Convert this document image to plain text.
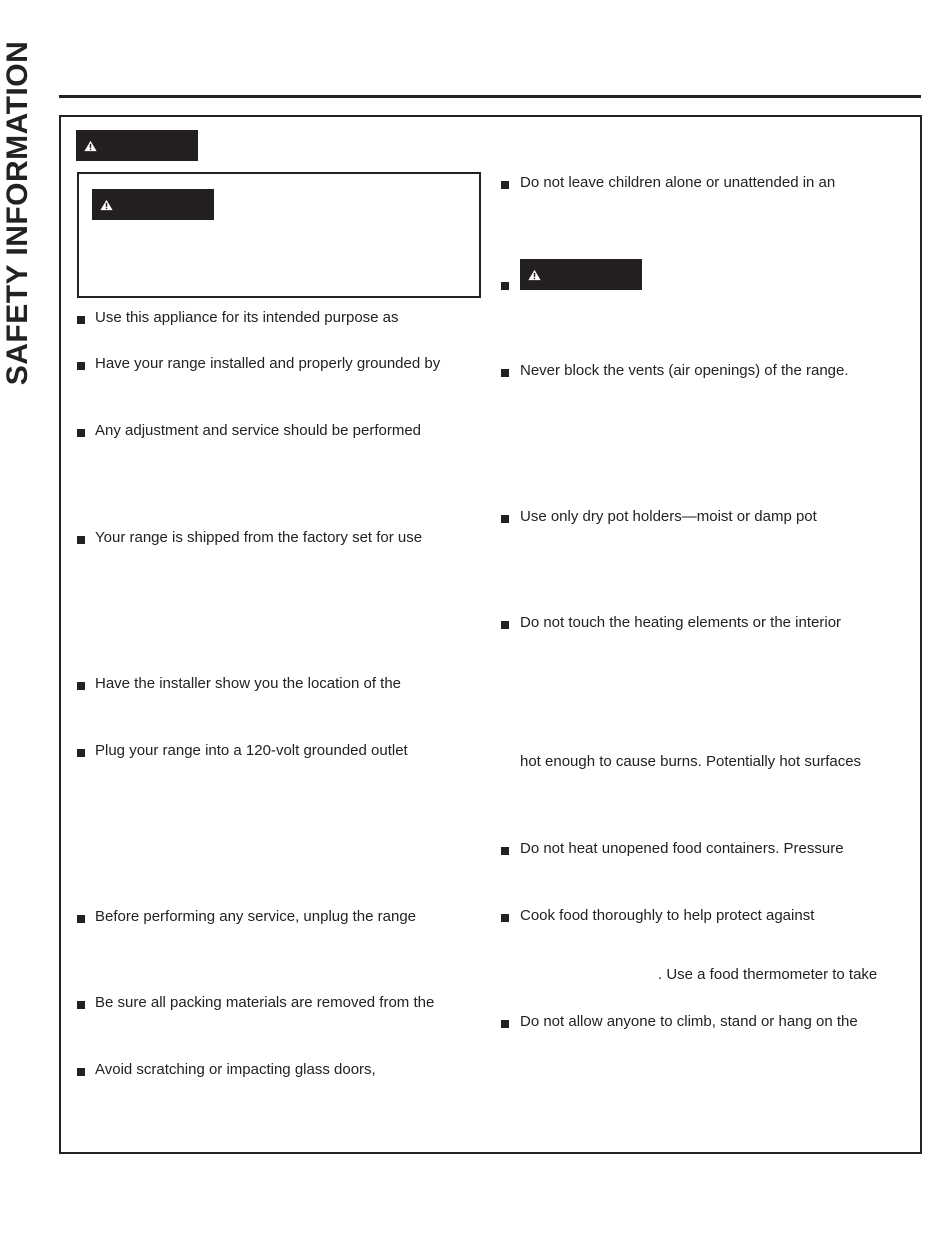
SAFETY INFORMATION	Use this appliance for its intended purpose as
Have your range installed and properly grounded by
Any adjustment and service should be performed
Your range is shipped from the factory set for use
Have the installer show you the location of the
Plug your range into a 120-volt grounded outlet
Before performing any service, unplug the range
Be sure all packing materials are removed from the
Avoid scratching or impacting glass doors,
Do not leave children alone or unattended in an
Never block the vents (air openings) of the range.
Use only dry pot holders—moist or damp pot
Do not touch the heating elements or the interior
hot enough to cause burns. Potentially hot surfaces
Do not heat unopened food containers. Pressure
Cook food thoroughly to help protect against
. Use a food thermometer to take
Do not allow anyone to climb, stand or hang on the
